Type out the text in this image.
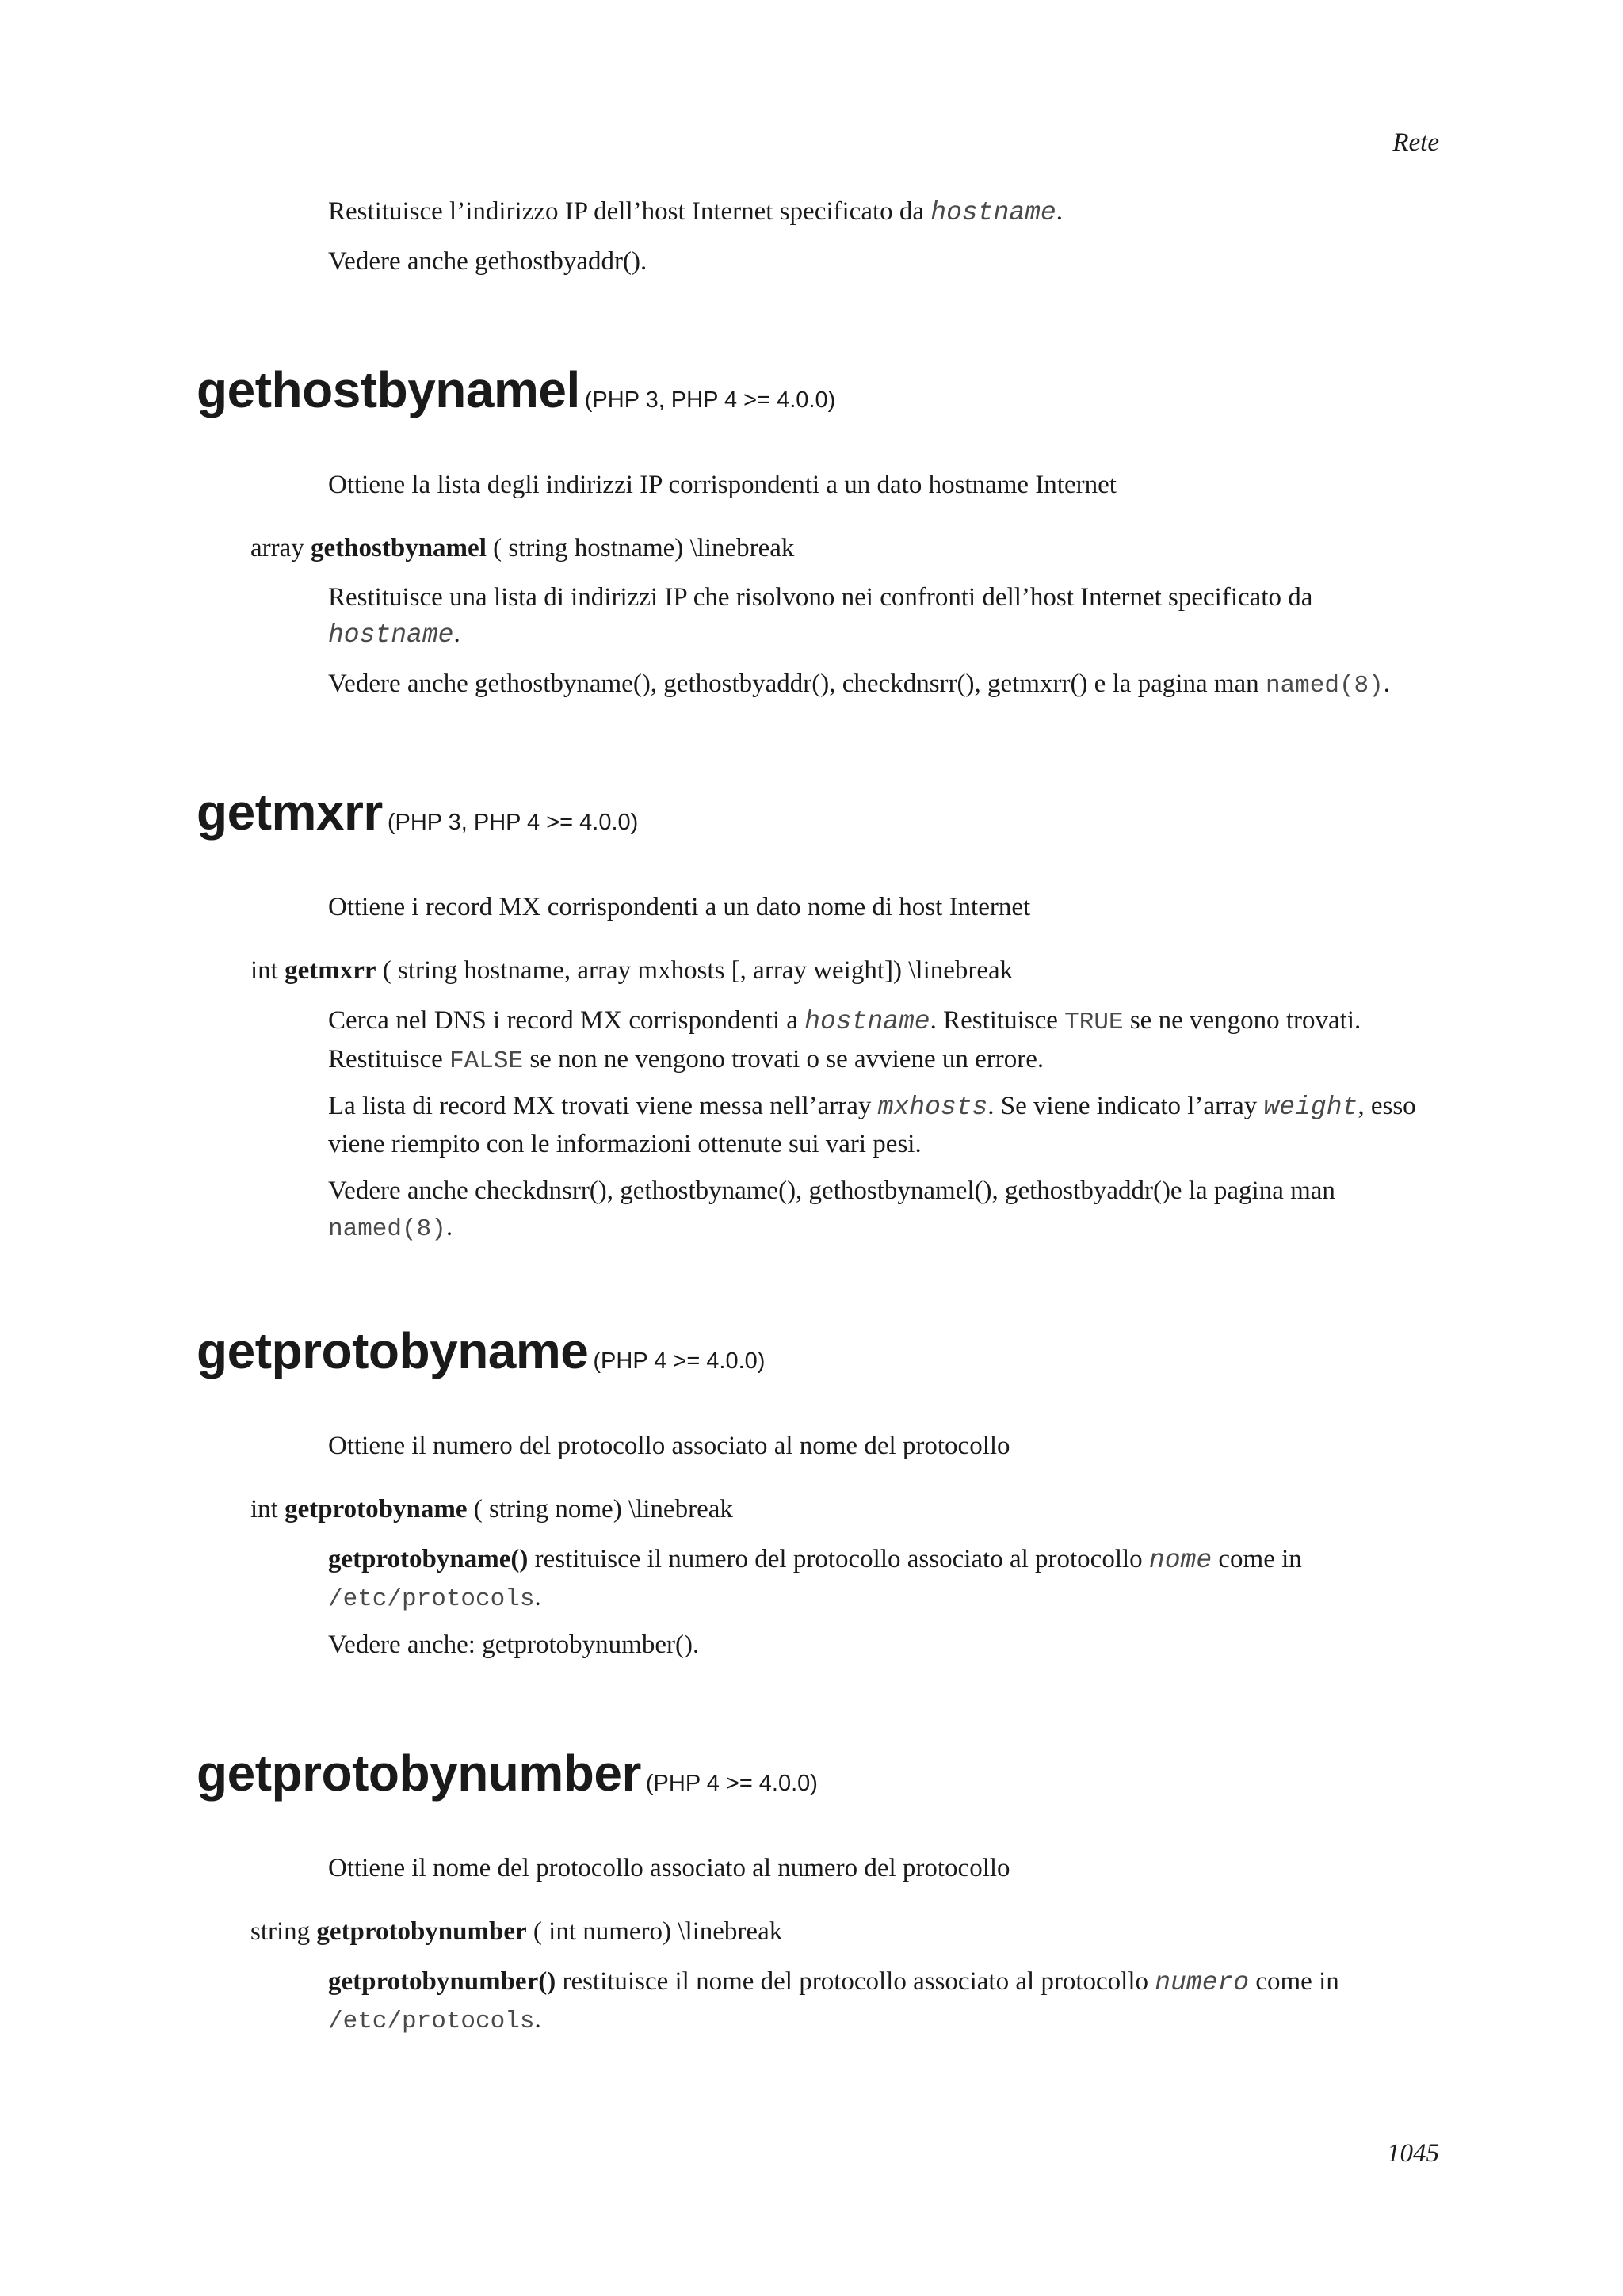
Rete

Restituisce l’indirizzo IP dell’host Internet specificato da hostname.

Vedere anche gethostbyaddr().

gethostbynamel (PHP 3, PHP 4 >= 4.0.0)

Ottiene la lista degli indirizzi IP corrispondenti a un dato hostname Internet

array gethostbynamel ( string hostname) \linebreak

Restituisce una lista di indirizzi IP che risolvono nei confronti dell’host Internet specificato da hostname.

Vedere anche gethostbyname(), gethostbyaddr(), checkdnsrr(), getmxrr() e la pagina man named(8).

getmxrr (PHP 3, PHP 4 >= 4.0.0)

Ottiene i record MX corrispondenti a un dato nome di host Internet

int getmxrr ( string hostname, array mxhosts [, array weight]) \linebreak

Cerca nel DNS i record MX corrispondenti a hostname. Restituisce TRUE se ne vengono trovati. Restituisce FALSE se non ne vengono trovati o se avviene un errore.

La lista di record MX trovati viene messa nell’array mxhosts. Se viene indicato l’array weight, esso viene riempito con le informazioni ottenute sui vari pesi.

Vedere anche checkdnsrr(), gethostbyname(), gethostbynamel(), gethostbyaddr()e la pagina man named(8).

getprotobyname (PHP 4 >= 4.0.0)

Ottiene il numero del protocollo associato al nome del protocollo

int getprotobyname ( string nome) \linebreak

getprotobyname() restituisce il numero del protocollo associato al protocollo nome come in /etc/protocols.

Vedere anche: getprotobynumber().

getprotobynumber (PHP 4 >= 4.0.0)

Ottiene il nome del protocollo associato al numero del protocollo

string getprotobynumber ( int numero) \linebreak

getprotobynumber() restituisce il nome del protocollo associato al protocollo numero come in /etc/protocols.

1045
